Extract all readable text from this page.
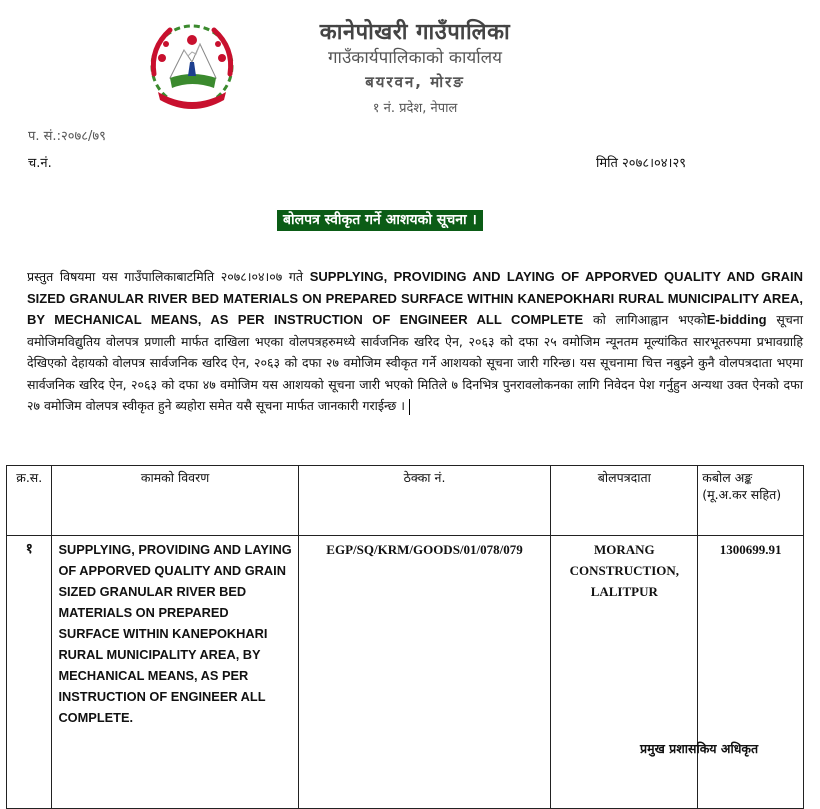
कानेपोखरी गाउँपालिका
गाउँकार्यपालिकाको कार्यालय
बयरवन, मोरङ
१ नं. प्रदेश, नेपाल
प. सं.:२०७८/७९
च.नं.	मिति २०७८।०४।२९
बोलपत्र स्वीकृत गर्ने आशयको सूचना ।

प्रस्तुत विषयमा यस गाउँपालिकाबाटमिति २०७८।०४।०७ गते SUPPLYING, PROVIDING AND LAYING OF APPORVED QUALITY AND GRAIN SIZED GRANULAR RIVER BED MATERIALS ON PREPARED SURFACE WITHIN KANEPOKHARI RURAL MUNICIPALITY AREA, BY MECHANICAL MEANS, AS PER INSTRUCTION OF ENGINEER ALL COMPLETE को लागिआह्वान भएकोE-bidding सूचना वमोजिमविद्युतिय वोलपत्र प्रणाली मार्फत दाखिला भएका वोलपत्रहरुमध्ये सार्वजनिक खरिद ऐन, २०६३ को दफा २५ वमोजिम न्यूनतम मूल्यांकित सारभूतरुपमा प्रभावग्राहि देखिएको देहायको वोलपत्र सार्वजनिक खरिद ऐन, २०६३ को दफा २७ वमोजिम स्वीकृत गर्ने आशयको सूचना जारी गरिन्छ। यस सूचनामा चित्त नबुझ्ने कुनै वोलपत्रदाता भएमा सार्वजनिक खरिद ऐन, २०६३ को दफा ४७ वमोजिम यस आशयको सूचना जारी भएको मितिले ७ दिनभित्र पुनरावलोकनका लागि निवेदन पेश गर्नुहुन अन्यथा उक्त ऐनको दफा २७ वमोजिम वोलपत्र स्वीकृत हुने ब्यहोरा समेत यसै सूचना मार्फत जानकारी गराईन्छ ।

क्र.स.	कामको विवरण	ठेक्का नं.	बोलपत्रदाता	कबोल अङ्क (मू.अ.कर सहित)
१	SUPPLYING, PROVIDING AND LAYING OF APPORVED QUALITY AND GRAIN SIZED GRANULAR RIVER BED MATERIALS ON PREPARED SURFACE WITHIN KANEPOKHARI RURAL MUNICIPALITY AREA, BY MECHANICAL MEANS, AS PER INSTRUCTION OF ENGINEER ALL COMPLETE.	EGP/SQ/KRM/GOODS/01/078/079	MORANG CONSTRUCTION, LALITPUR	1300699.91
प्रमुख प्रशासकिय अधिकृत
